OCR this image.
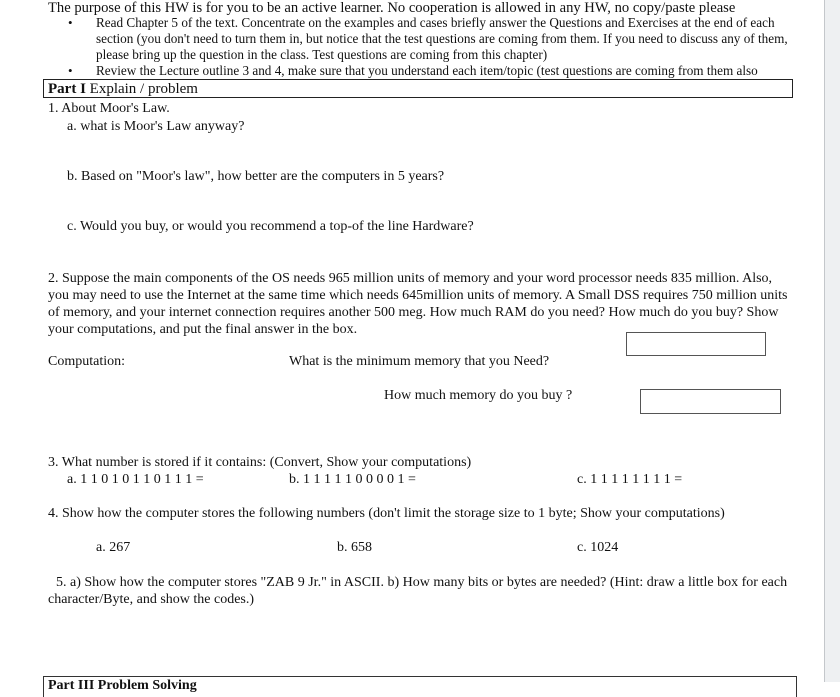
The purpose of this HW is for you to be an active learner. No cooperation is allowed in any HW, no copy/paste please
• Read Chapter 5 of the text. Concentrate on the examples and cases briefly answer the Questions and Exercises at the end of each section (you don't need to turn them in, but notice that the test questions are coming from them. If you need to discuss any of them, please bring up the question in the class. Test questions are coming from this chapter)
• Review the Lecture outline 3 and 4, make sure that you understand each item/topic (test questions are coming from them also
Part I Explain / problem
1. About Moor's Law.
a. what is Moor's Law anyway?
b. Based on "Moor's law", how better are the computers in 5 years?
c. Would you buy, or would you recommend a top-of the line Hardware?
2. Suppose the main components of the OS needs 965 million units of memory and your word processor needs 835 million. Also, you may need to use the Internet at the same time which needs 645million units of memory. A Small DSS requires 750 million units of memory, and your internet connection requires another 500 meg. How much RAM do you need? How much do you buy? Show your computations, and put the final answer in the box.
Computation:	What is the minimum memory that you Need?
How much memory do you buy ?
3. What number is stored if it contains: (Convert, Show your computations)
a. 1 1 0 1 0 1 1 0 1 1 1 =	b. 1 1 1 1 1 0 0 0 0 1 =	c. 1 1 1 1 1 1 1 1 =
4. Show how the computer stores the following numbers (don't limit the storage size to 1 byte; Show your computations)
a. 267	b. 658	c. 1024
5. a) Show how the computer stores "ZAB 9 Jr." in ASCII. b) How many bits or bytes are needed? (Hint: draw a little box for each character/Byte, and show the codes.)
Part III Problem Solving
